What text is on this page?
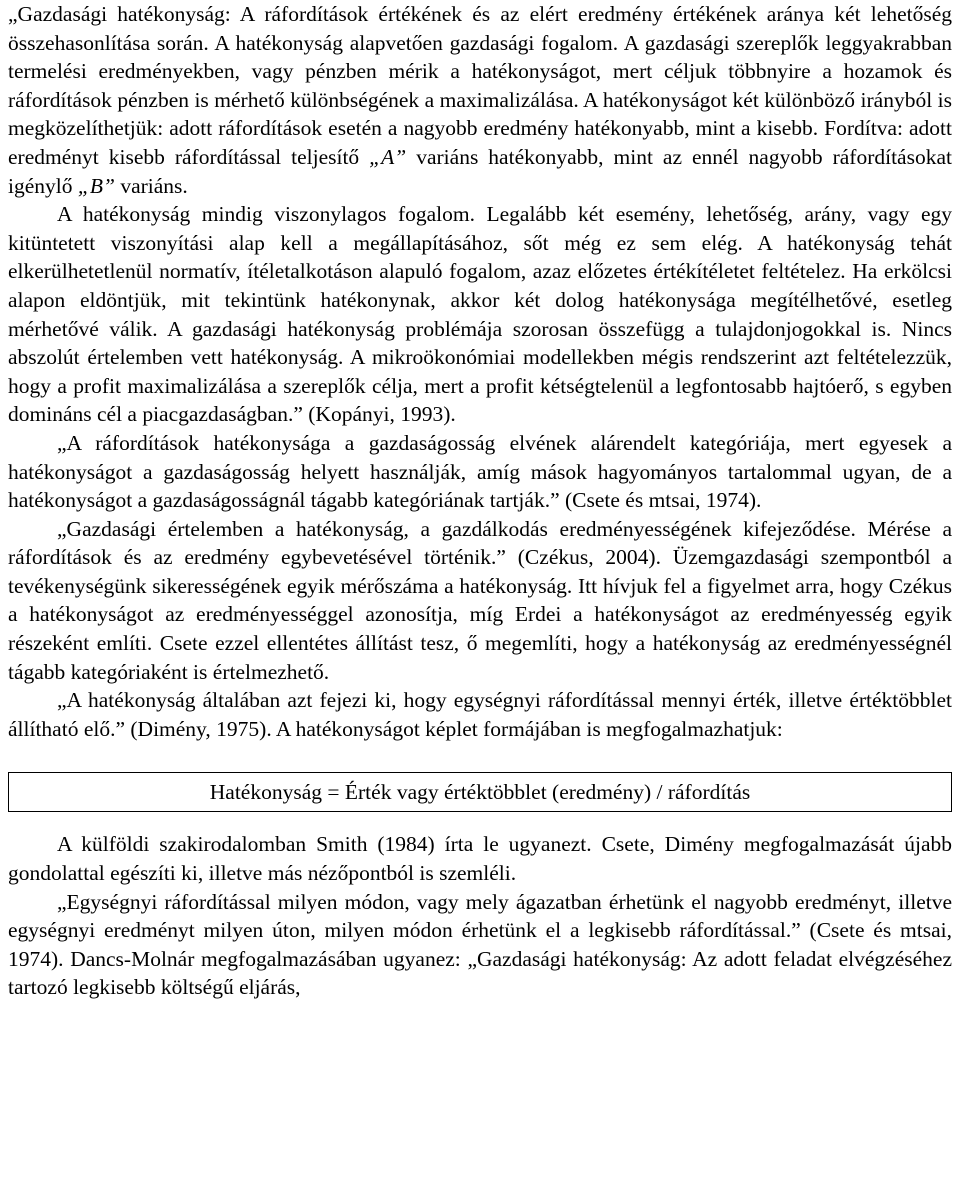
„Gazdasági hatékonyság: A ráfordítások értékének és az elért eredmény értékének aránya két lehetőség összehasonlítása során. A hatékonyság alapvetően gazdasági fogalom. A gazdasági szereplők leggyakrabban termelési eredményekben, vagy pénzben mérik a hatékonyságot, mert céljuk többnyire a hozamok és ráfordítások pénzben is mérhető különbségének a maximalizálása. A hatékonyságot két különböző irányból is megközelíthetjük: adott ráfordítások esetén a nagyobb eredmény hatékonyabb, mint a kisebb. Fordítva: adott eredményt kisebb ráfordítással teljesítő „A” variáns hatékonyabb, mint az ennél nagyobb ráfordításokat igénylő „B” variáns.

A hatékonyság mindig viszonylagos fogalom. Legalább két esemény, lehetőség, arány, vagy egy kitüntetett viszonyítási alap kell a megállapításához, sőt még ez sem elég. A hatékonyság tehát elkerülhetetlenül normatív, ítéletalkotáson alapuló fogalom, azaz előzetes értékítéletet feltételez. Ha erkölcsi alapon eldöntjük, mit tekintünk hatékonynak, akkor két dolog hatékonysága megítélhetővé, esetleg mérhetővé válik. A gazdasági hatékonyság problémája szorosan összefügg a tulajdonjogokkal is. Nincs abszolút értelemben vett hatékonyság. A mikroökonómiai modellekben mégis rendszerint azt feltételezzük, hogy a profit maximalizálása a szereplők célja, mert a profit kétségtelenül a legfontosabb hajtóerő, s egyben domináns cél a piacgazdaságban.” (Kopányi, 1993).

„A ráfordítások hatékonysága a gazdaságosság elvének alárendelt kategóriája, mert egyesek a hatékonyságot a gazdaságosság helyett használják, amíg mások hagyományos tartalommal ugyan, de a hatékonyságot a gazdaságosságnál tágabb kategóriának tartják.” (Csete és mtsai, 1974).

„Gazdasági értelemben a hatékonyság, a gazdálkodás eredményességének kifejeződése. Mérése a ráfordítások és az eredmény egybevetésével történik.” (Czékus, 2004). Üzemgazdasági szempontból a tevékenységünk sikerességének egyik mérőszáma a hatékonyság. Itt hívjuk fel a figyelmet arra, hogy Czékus a hatékonyságot az eredményességgel azonosítja, míg Erdei a hatékonyságot az eredményesség egyik részeként említi. Csete ezzel ellentétes állítást tesz, ő megemlíti, hogy a hatékonyság az eredményességnél tágabb kategóriaként is értelmezhető.

„A hatékonyság általában azt fejezi ki, hogy egységnyi ráfordítással mennyi érték, illetve értéktöbblet állítható elő.” (Dimény, 1975). A hatékonyságot képlet formájában is megfogalmazhatjuk:

Hatékonyság = Érték vagy értéktöbblet (eredmény) / ráfordítás

A külföldi szakirodalomban Smith (1984) írta le ugyanezt. Csete, Dimény megfogalmazását újabb gondolattal egészíti ki, illetve más nézőpontból is szemléli.

„Egységnyi ráfordítással milyen módon, vagy mely ágazatban érhetünk el nagyobb eredményt, illetve egységnyi eredményt milyen úton, milyen módon érhetünk el a legkisebb ráfordítással.” (Csete és mtsai, 1974). Dancs-Molnár megfogalmazásában ugyanez: „Gazdasági hatékonyság: Az adott feladat elvégzéséhez tartozó legkisebb költségű eljárás,
